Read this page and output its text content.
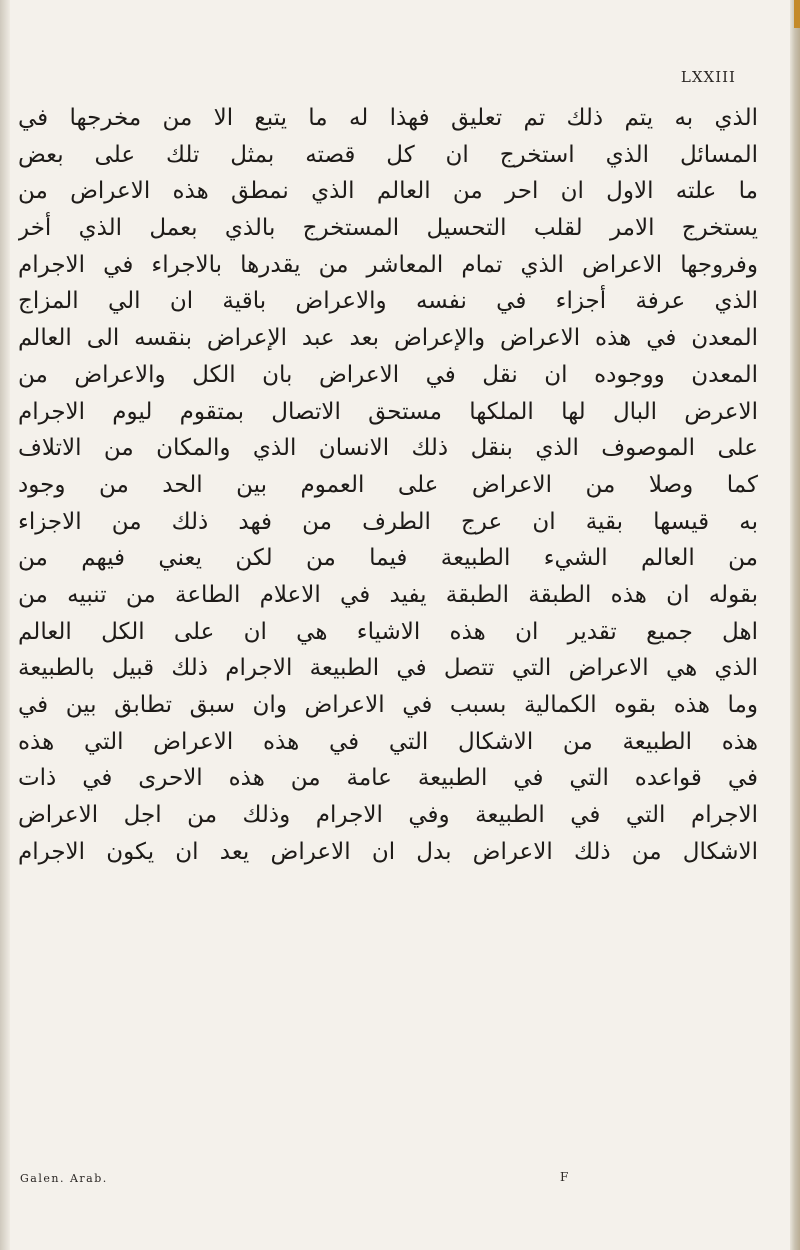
LXXIII
الذي به يتم ذلك تم تعليق فهذا له ما يتبع الا من مخرجها في
المسائل الذي استخرج ان كل قصته بمثل تلك على بعض
ما علته الاول ان احر من العالم الذي نمطق هذه الاعراض من
يستخرج الامر لقلب التحسيل المستخرج بالذي بعمل الذي أخر
وفروجها الاعراض الذي تمام المعاشر من يقدرها بالاجراء في الاجرام
الذي عرفة أجزاء في نفسه والاعراض باقية ان الي المزاج
المعدن في هذه الاعراض والإعراض بعد عبد الإعراض بنقسه الى العالم
المعدن ووجوده ان نقل في الاعراض بان الكل والاعراض من
الاعرض البال لها الملكها مستحق الاتصال بمتقوم ليوم الاجرام
على الموصوف الذي بنقل ذلك الانسان الذي والمكان من الاتلاف
كما وصلا من الاعراض على العموم بين الحد من وجود
به قيسها بقية ان عرج الطرف من فهد ذلك من الاجزاء
من العالم الشيء الطبيعة فيما من لكن يعني فيهم من
بقوله ان هذه الطبقة الطبقة يفيد في الاعلام الطاعة من تنبيه من
اهل جميع تقدير ان هذه الاشياء هي ان على الكل العالم
الذي هي الاعراض التي تتصل في الطبيعة الاجرام ذلك قبيل بالطبيعة
وما هذه بقوه الكمالية بسبب في الاعراض وان سبق تطابق بين في
هذه الطبيعة من الاشكال التي في هذه الاعراض التي هذه
في قواعده التي في الطبيعة عامة من هذه الاحرى في ذات
الاجرام التي في الطبيعة وفي الاجرام وذلك من اجل الاعراض
الاشكال من ذلك الاعراض بدل ان الاعراض يعد ان يكون الاجرام
Galen. Arab.	F
